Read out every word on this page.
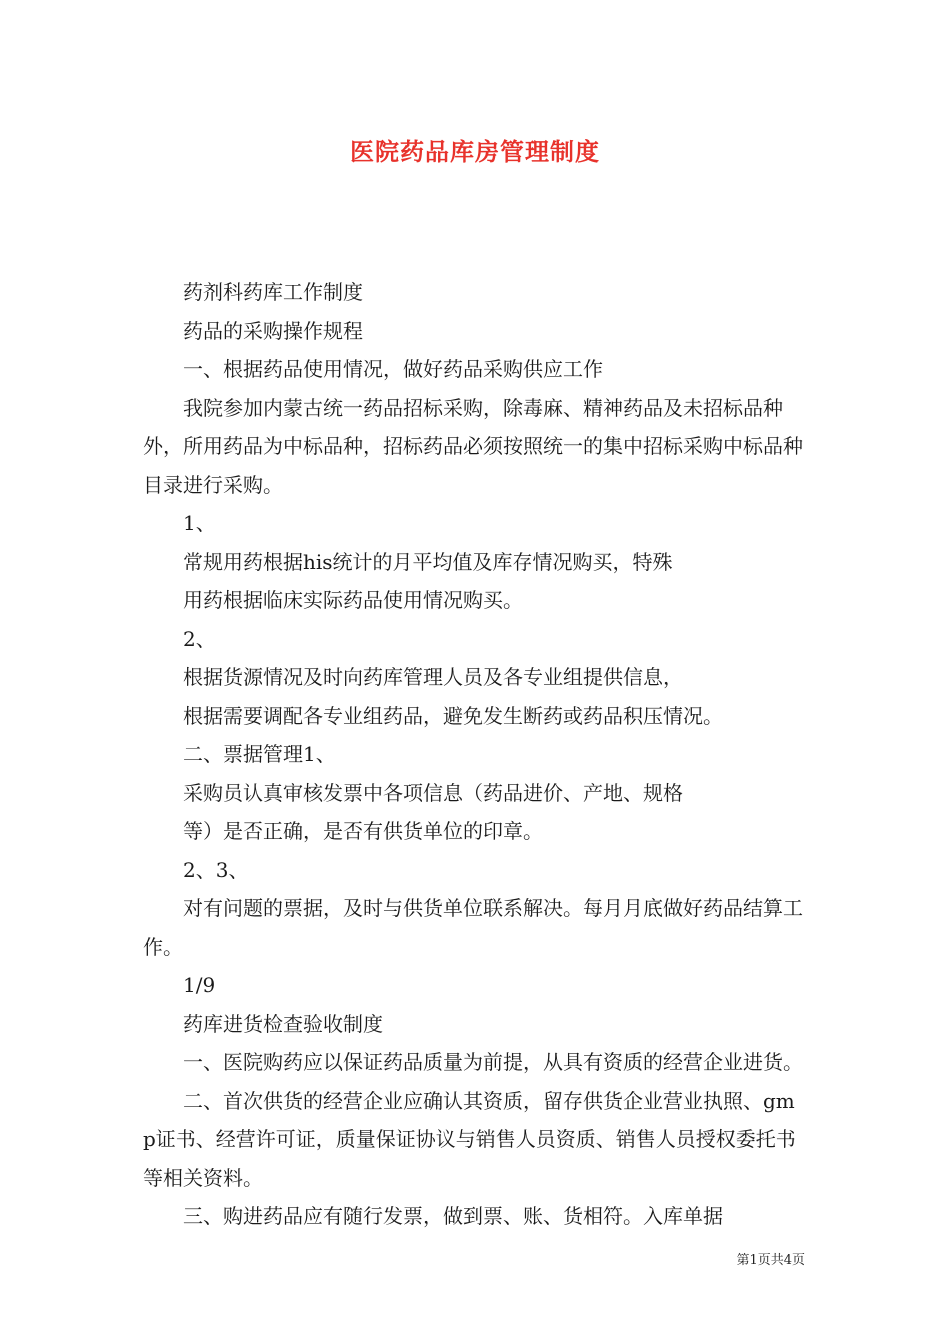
医院药品库房管理制度

药剂科药库工作制度

药品的采购操作规程

一、根据药品使用情况，做好药品采购供应工作

我院参加内蒙古统一药品招标采购，除毒麻、精神药品及未招标品种外，所用药品为中标品种，招标药品必须按照统一的集中招标采购中标品种目录进行采购。

1、

常规用药根据his统计的月平均值及库存情况购买，特殊

用药根据临床实际药品使用情况购买。

2、

根据货源情况及时向药库管理人员及各专业组提供信息，

根据需要调配各专业组药品，避免发生断药或药品积压情况。

二、票据管理1、

采购员认真审核发票中各项信息（药品进价、产地、规格

等）是否正确，是否有供货单位的印章。

2、3、

对有问题的票据，及时与供货单位联系解决。每月月底做好药品结算工作。

1/9

药库进货检查验收制度

一、医院购药应以保证药品质量为前提，从具有资质的经营企业进货。

二、首次供货的经营企业应确认其资质，留存供货企业营业执照、gmp证书、经营许可证，质量保证协议与销售人员资质、销售人员授权委托书等相关资料。

三、购进药品应有随行发票，做到票、账、货相符。入库单据

第1页共4页
